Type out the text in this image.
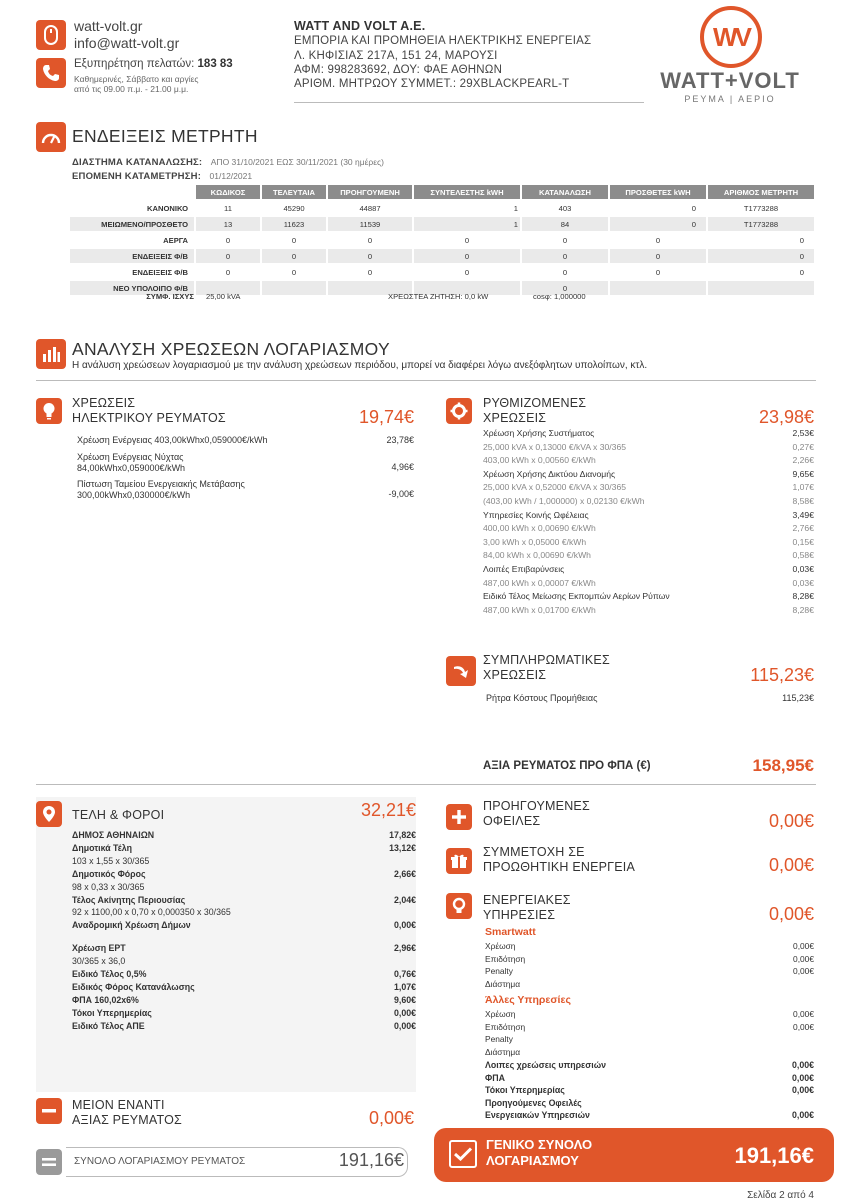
watt-volt.gr
info@watt-volt.gr
Εξυπηρέτηση πελατών: 183 83
Καθημερινές, Σάββατο και αργίες
από τις 09.00 π.μ. - 21.00 μ.μ.
WATT AND VOLT A.E.
ΕΜΠΟΡΙΑ ΚΑΙ ΠΡΟΜΗΘΕΙΑ ΗΛΕΚΤΡΙΚΗΣ ΕΝΕΡΓΕΙΑΣ
Λ. ΚΗΦΙΣΙΑΣ 217Α, 151 24, ΜΑΡΟΥΣΙ
ΑΦΜ: 998283692, ΔΟΥ: ΦΑΕ ΑΘΗΝΩΝ
ΑΡΙΘΜ. ΜΗΤΡΩΟΥ ΣΥΜΜΕΤ.: 29XBLACKPEARL-T
WV
WATT+VOLT
ΡΕΥΜΑ | ΑΕΡΙΟ
ΕΝΔΕΙΞΕΙΣ ΜΕΤΡΗΤΗ
ΔΙΑΣΤΗΜΑ ΚΑΤΑΝΑΛΩΣΗΣ: ΑΠΟ 31/10/2021 ΕΩΣ 30/11/2021 (30 ημέρες)
ΕΠΟΜΕΝΗ ΚΑΤΑΜΕΤΡΗΣΗ: 01/12/2021
	ΚΩΔΙΚΟΣ	ΤΕΛΕΥΤΑΙΑ	ΠΡΟΗΓΟΥΜΕΝΗ	ΣΥΝΤΕΛΕΣΤΗΣ kWH	ΚΑΤΑΝΑΛΩΣΗ	ΠΡΟΣΘΕΤΕΣ kWH	ΑΡΙΘΜΟΣ ΜΕΤΡΗΤΗ
ΚΑΝΟΝΙΚΟ	11	45290	44887	1	403	0	T1773288
ΜΕΙΩΜΕΝΟ/ΠΡΟΣΘΕΤΟ	13	11623	11539	1	84	0	T1773288
ΑΕΡΓΑ	0	0	0	0	0	0	0
ΕΝΔΕΙΞΕΙΣ Φ/Β	0	0	0	0	0	0	0
ΕΝΔΕΙΞΕΙΣ Φ/Β	0	0	0	0	0	0	0
ΝΕΟ ΥΠΟΛΟΙΠΟ Φ/Β					0		
ΣΥΜΦ. ΙΣΧΥΣ 25,00 kVA	ΧΡΕΩΣΤΕΑ ΖΗΤΗΣΗ: 0,0 kW	cosφ: 1,000000
ΑΝΑΛΥΣΗ ΧΡΕΩΣΕΩΝ ΛΟΓΑΡΙΑΣΜΟΥ
Η ανάλυση χρεώσεων λογαριασμού με την ανάλυση χρεώσεων περιόδου, μπορεί να διαφέρει λόγω ανεξόφλητων υπολοίπων, κτλ.
ΧΡΕΩΣΕΙΣ
ΗΛΕΚΤΡΙΚΟΥ ΡΕΥΜΑΤΟΣ	19,74€
Χρέωση Ενέργειας 403,00kWhx0,059000€/kWh	23,78€
Χρέωση Ενέργειας Νύχτας
84,00kWhx0,059000€/kWh	4,96€
Πίστωση Ταμείου Ενεργειακής Μετάβασης
300,00kWhx0,030000€/kWh	-9,00€
ΡΥΘΜΙΖΟΜΕΝΕΣ
ΧΡΕΩΣΕΙΣ	23,98€
Χρέωση Χρήσης Συστήματος	2,53€
25,000 kVA x 0,13000 €/kVA x 30/365	0,27€
403,00 kWh x 0,00560 €/kWh	2,26€
Χρέωση Χρήσης Δικτύου Διανομής	9,65€
25,000 kVA x 0,52000 €/kVA x 30/365	1,07€
(403,00 kWh / 1,000000) x 0,02130 €/kWh	8,58€
Υπηρεσίες Κοινής Ωφέλειας	3,49€
400,00 kWh x 0,00690 €/kWh	2,76€
3,00 kWh x 0,05000 €/kWh	0,15€
84,00 kWh x 0,00690 €/kWh	0,58€
Λοιπές Επιβαρύνσεις	0,03€
487,00 kWh x 0,00007 €/kWh	0,03€
Ειδικό Τέλος Μείωσης Εκπομπών Αερίων Ρύπων	8,28€
487,00 kWh x 0,01700 €/kWh	8,28€
ΣΥΜΠΛΗΡΩΜΑΤΙΚΕΣ
ΧΡΕΩΣΕΙΣ	115,23€
Ρήτρα Κόστους Προμήθειας	115,23€
ΑΞΙΑ ΡΕΥΜΑΤΟΣ ΠΡΟ ΦΠΑ (€)	158,95€
ΤΕΛΗ & ΦΟΡΟΙ	32,21€
ΔΗΜΟΣ ΑΘΗΝΑΙΩΝ	17,82€
Δημοτικά Τέλη	13,12€
103 x 1,55 x 30/365
Δημοτικός Φόρος	2,66€
98 x 0,33 x 30/365
Τέλος Ακίνητης Περιουσίας	2,04€
92 x 1100,00 x 0,70 x 0,000350 x 30/365
Αναδρομική Χρέωση Δήμων	0,00€
Χρέωση ΕΡΤ	2,96€
30/365 x 36,0
Ειδικό Τέλος 0,5%	0,76€
Ειδικός Φόρος Κατανάλωσης	1,07€
ΦΠΑ 160,02x6%	9,60€
Τόκοι Υπερημερίας	0,00€
Ειδικό Τέλος ΑΠΕ	0,00€
ΜΕΙΟΝ ΕΝΑΝΤΙ
ΑΞΙΑΣ ΡΕΥΜΑΤΟΣ	0,00€
ΣΥΝΟΛΟ ΛΟΓΑΡΙΑΣΜΟΥ ΡΕΥΜΑΤΟΣ	191,16€
ΠΡΟΗΓΟΥΜΕΝΕΣ
ΟΦΕΙΛΕΣ	0,00€
ΣΥΜΜΕΤΟΧΗ ΣΕ
ΠΡΟΩΘΗΤΙΚΗ ΕΝΕΡΓΕΙΑ	0,00€
ΕΝΕΡΓΕΙΑΚΕΣ
ΥΠΗΡΕΣΙΕΣ	0,00€
Smartwatt
Χρέωση	0,00€
Επιδότηση	0,00€
Penalty	0,00€
Διάστημα
Χρέωση	0,00€
Επιδότηση	0,00€
Penalty
Διάστημα
Λοιπες χρεώσεις υπηρεσιών	0,00€
ΦΠΑ	0,00€
Τόκοι Υπερημερίας	0,00€
Προηγούμενες Οφειλές
Ενεργειακών Υπηρεσιών	0,00€
Άλλες Υπηρεσίες
ΓΕΝΙΚΟ ΣΥΝΟΛΟ
ΛΟΓΑΡΙΑΣΜΟΥ	191,16€
Σελίδα 2 από 4
